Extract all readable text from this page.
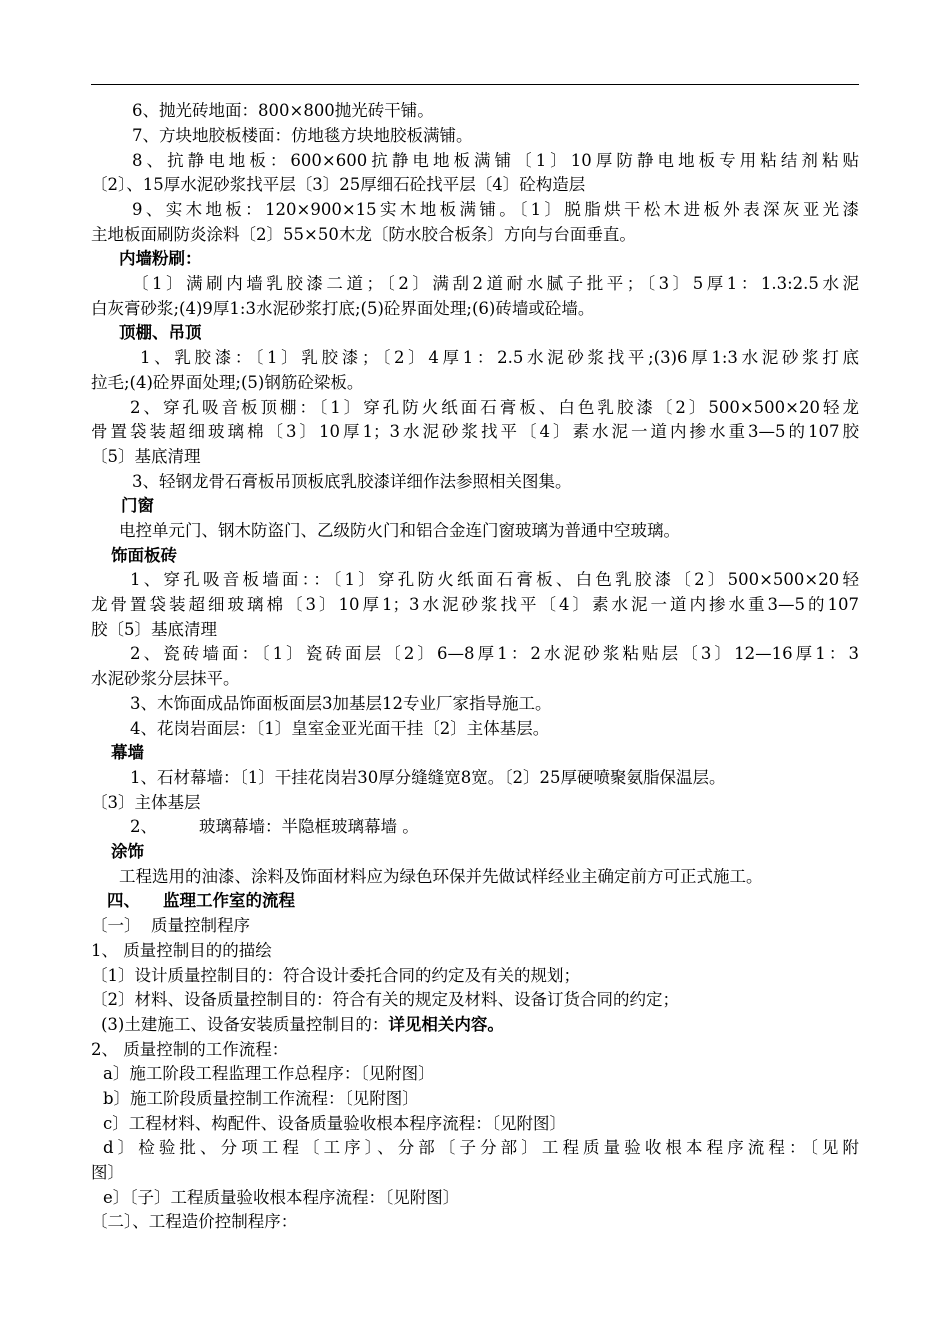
6、抛光砖地面：800×800抛光砖干铺。
7、方块地胶板楼面：仿地毯方块地胶板满铺。
8、抗静电地板：600×600抗静电地板满铺〔1〕10厚防静电地板专用粘结剂粘贴
〔2〕、15厚水泥砂浆找平层〔3〕25厚细石砼找平层〔4〕砼构造层
9、实木地板：120×900×15实木地板满铺。〔1〕脱脂烘干松木进板外表深灰亚光漆
主地板面刷防炎涂料〔2〕55×50木龙〔防水胶合板条〕方向与台面垂直。
内墙粉刷：
〔1〕满刷内墙乳胶漆二道；〔2〕满刮2道耐水腻子批平；〔3〕5厚1：1.3:2.5水泥
白灰膏砂浆;(4)9厚1:3水泥砂浆打底;(5)砼界面处理;(6)砖墙或砼墙。
顶棚、吊顶
1、乳胶漆：〔1〕乳胶漆；〔2〕4厚1：2.5水泥砂浆找平;(3)6厚1:3水泥砂浆打底
拉毛;(4)砼界面处理;(5)钢筋砼梁板。
2、穿孔吸音板顶棚：〔1〕穿孔防火纸面石膏板、白色乳胶漆〔2〕500×500×20轻龙
骨置袋装超细玻璃棉〔3〕10厚1；3水泥砂浆找平〔4〕素水泥一道内掺水重3—5的107胶
〔5〕基底清理
3、轻钢龙骨石膏板吊顶板底乳胶漆详细作法参照相关图集。
门窗
电控单元门、钢木防盗门、乙级防火门和铝合金连门窗玻璃为普通中空玻璃。
饰面板砖
1、穿孔吸音板墙面：：〔1〕穿孔防火纸面石膏板、白色乳胶漆〔2〕500×500×20轻
龙骨置袋装超细玻璃棉〔3〕10厚1；3水泥砂浆找平〔4〕素水泥一道内掺水重3—5的107
胶〔5〕基底清理
2、瓷砖墙面：〔1〕瓷砖面层〔2〕6—8厚1：2水泥砂浆粘贴层〔3〕12—16厚1：3
水泥砂浆分层抹平。
3、木饰面成品饰面板面层3加基层12专业厂家指导施工。
4、花岗岩面层：〔1〕皇室金亚光面干挂〔2〕主体基层。
幕墙
1、石材幕墙：〔1〕干挂花岗岩30厚分缝缝宽8宽。〔2〕25厚硬喷聚氨脂保温层。
〔3〕主体基层
2、        玻璃幕墙：半隐框玻璃幕墙 。
涂饰
工程选用的油漆、涂料及饰面材料应为绿色环保并先做试样经业主确定前方可正式施工。
四、    监理工作室的流程
〔一〕  质量控制程序
1、 质量控制目的的描绘
〔1〕设计质量控制目的：符合设计委托合同的约定及有关的规划；
〔2〕材料、设备质量控制目的：符合有关的规定及材料、设备订货合同的约定；
(3)土建施工、设备安装质量控制目的：详见相关内容。
2、 质量控制的工作流程：
a〕施工阶段工程监理工作总程序：〔见附图〕
b〕施工阶段质量控制工作流程：〔见附图〕
c〕工程材料、构配件、设备质量验收根本程序流程：〔见附图〕
d〕检验批、分项工程〔工序〕、分部〔子分部〕工程质量验收根本程序流程：〔见附
图〕
e〕〔子〕工程质量验收根本程序流程：〔见附图〕
〔二〕、工程造价控制程序：
